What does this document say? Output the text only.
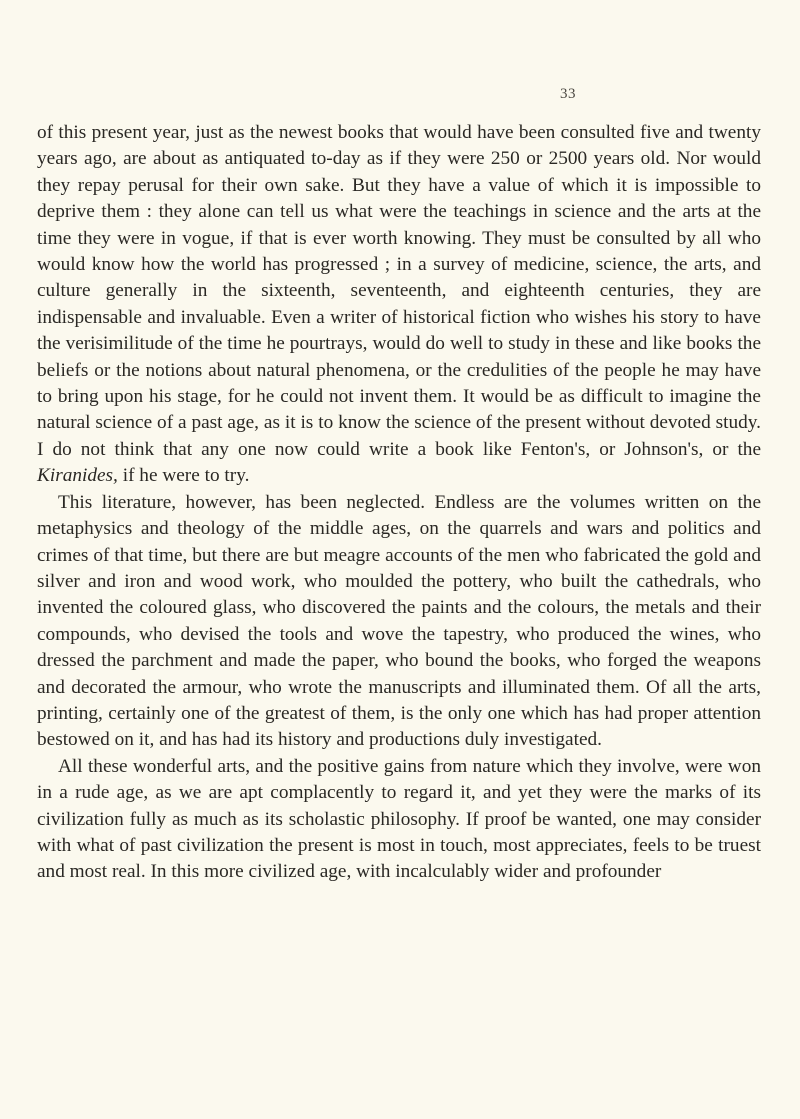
33

of this present year, just as the newest books that would have been consulted five and twenty years ago, are about as antiquated to-day as if they were 250 or 2500 years old. Nor would they repay perusal for their own sake. But they have a value of which it is impossible to deprive them : they alone can tell us what were the teachings in science and the arts at the time they were in vogue, if that is ever worth knowing. They must be consulted by all who would know how the world has progressed ; in a survey of medicine, science, the arts, and culture generally in the sixteenth, seventeenth, and eighteenth centuries, they are indispensable and invaluable. Even a writer of historical fiction who wishes his story to have the verisimilitude of the time he pourtrays, would do well to study in these and like books the beliefs or the notions about natural phenomena, or the credulities of the people he may have to bring upon his stage, for he could not invent them. It would be as difficult to imagine the natural science of a past age, as it is to know the science of the present without devoted study. I do not think that any one now could write a book like Fenton's, or Johnson's, or the Kiranides, if he were to try.

This literature, however, has been neglected. Endless are the volumes written on the metaphysics and theology of the middle ages, on the quarrels and wars and politics and crimes of that time, but there are but meagre accounts of the men who fabricated the gold and silver and iron and wood work, who moulded the pottery, who built the cathedrals, who invented the coloured glass, who discovered the paints and the colours, the metals and their compounds, who devised the tools and wove the tapestry, who produced the wines, who dressed the parchment and made the paper, who bound the books, who forged the weapons and decorated the armour, who wrote the manuscripts and illuminated them. Of all the arts, printing, certainly one of the greatest of them, is the only one which has had proper attention bestowed on it, and has had its history and productions duly investigated.

All these wonderful arts, and the positive gains from nature which they involve, were won in a rude age, as we are apt complacently to regard it, and yet they were the marks of its civilization fully as much as its scholastic philosophy. If proof be wanted, one may consider with what of past civilization the present is most in touch, most appreciates, feels to be truest and most real. In this more civilized age, with incalculably wider and profounder
